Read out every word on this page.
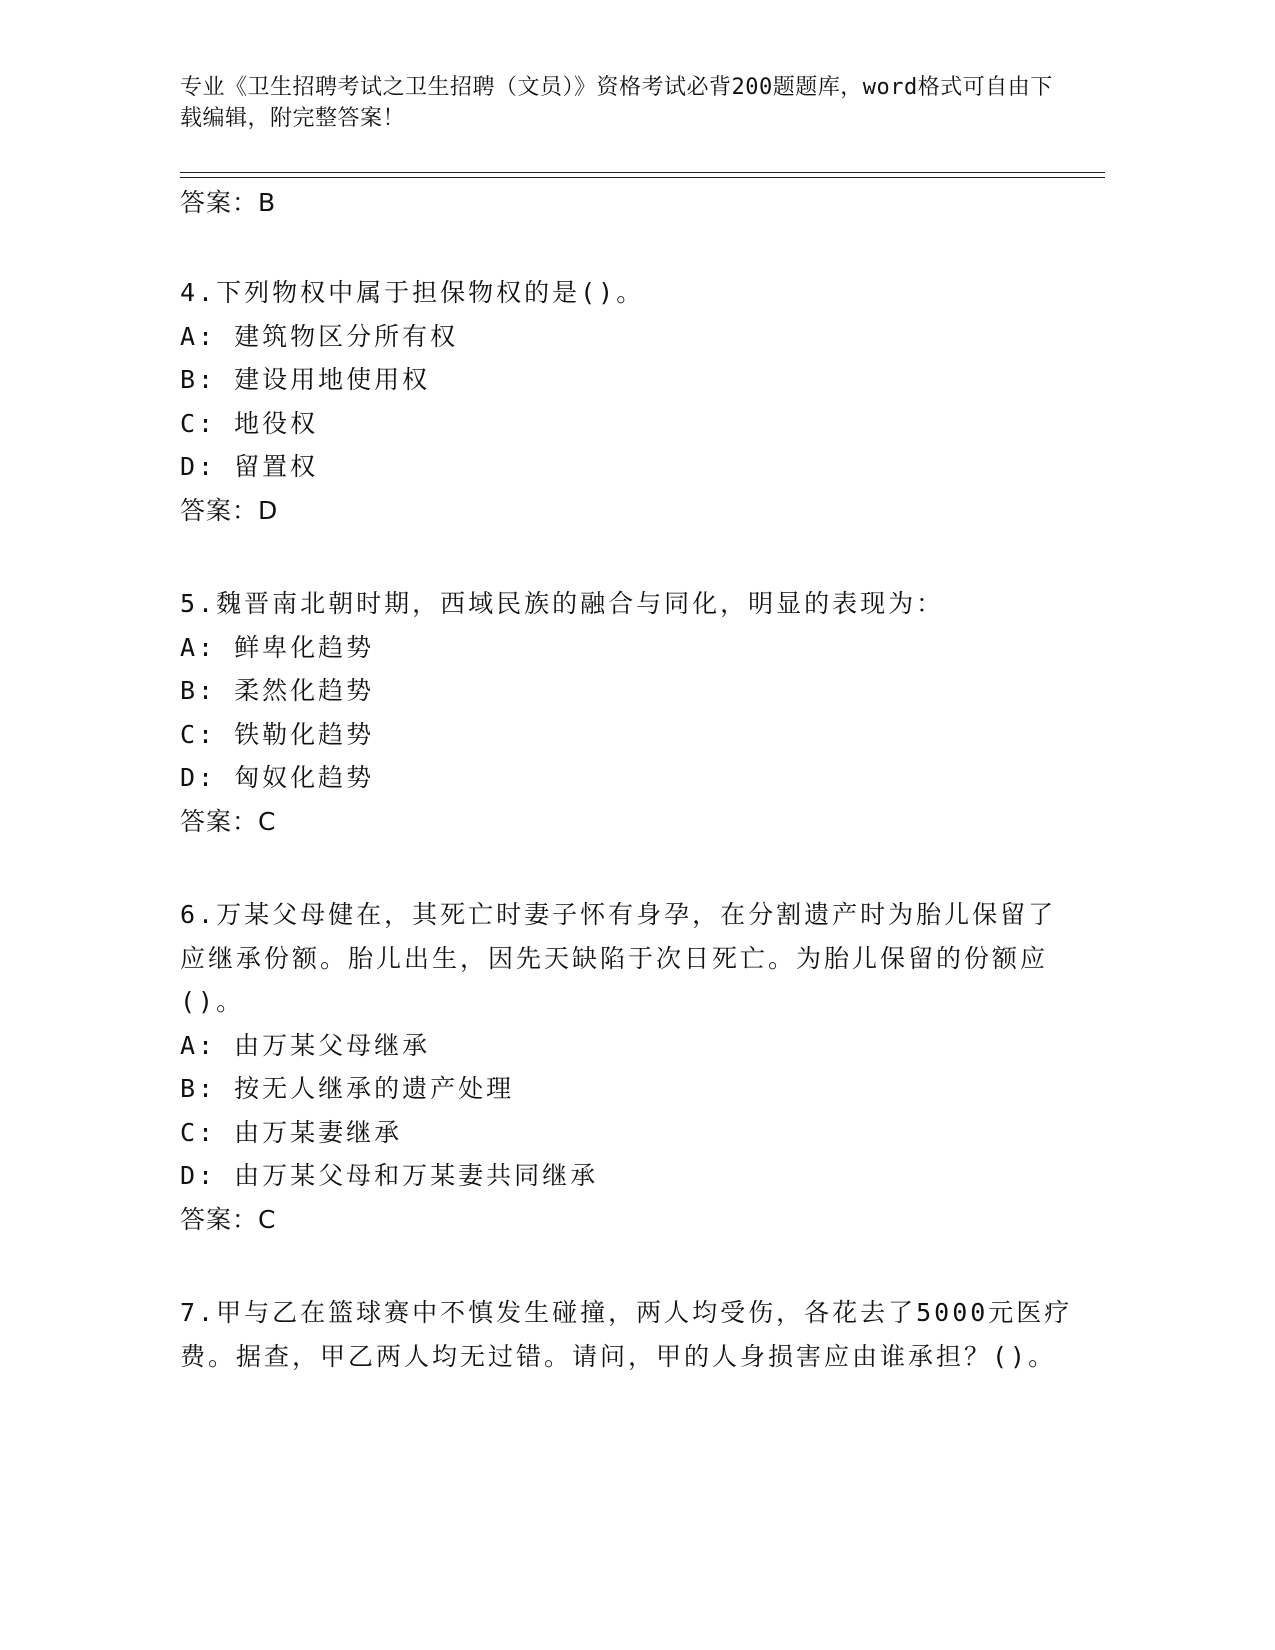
专业《卫生招聘考试之卫生招聘（文员）》资格考试必背200题题库，word格式可自由下载编辑，附完整答案！
答案：B
4.下列物权中属于担保物权的是()。
A: 建筑物区分所有权
B: 建设用地使用权
C: 地役权
D: 留置权
答案：D
5.魏晋南北朝时期，西域民族的融合与同化，明显的表现为：
A: 鲜卑化趋势
B: 柔然化趋势
C: 铁勒化趋势
D: 匈奴化趋势
答案：C
6.万某父母健在，其死亡时妻子怀有身孕，在分割遗产时为胎儿保留了应继承份额。胎儿出生，因先天缺陷于次日死亡。为胎儿保留的份额应()。
A: 由万某父母继承
B: 按无人继承的遗产处理
C: 由万某妻继承
D: 由万某父母和万某妻共同继承
答案：C
7.甲与乙在篮球赛中不慎发生碰撞，两人均受伤，各花去了5000元医疗费。据查，甲乙两人均无过错。请问，甲的人身损害应由谁承担？()。
